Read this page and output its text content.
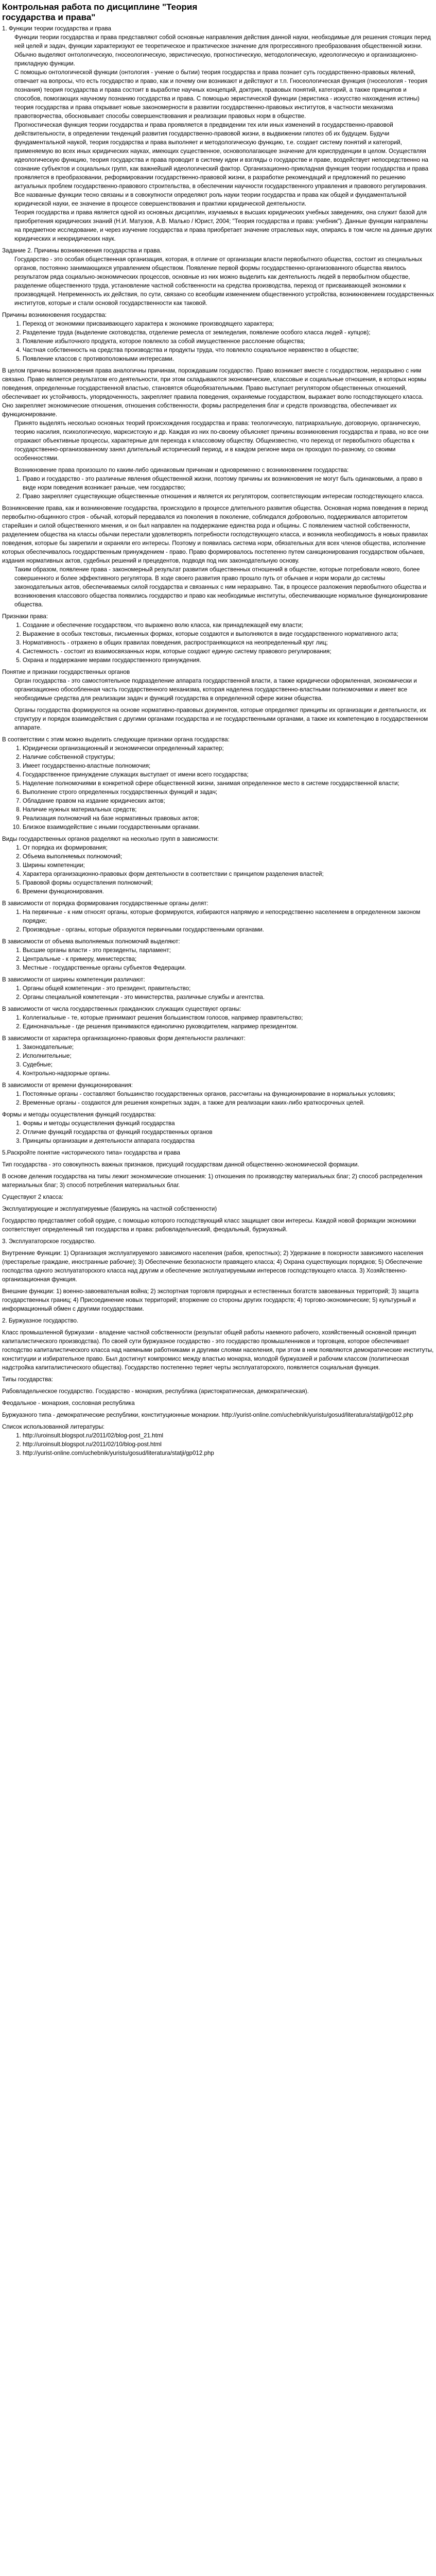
Контрольная работа по дисциплине "Теория государства и права"

1. Функции теории государства и права

Функции теории государства и права представляют собой основные направления действия данной науки, необходимые для решения стоящих перед ней целей и задач, функции характеризуют ее теоретическое и практическое значение для прогрессивного преобразования общественной жизни. Обычно выделяют онтологическую, гносеологическую, эвристическую, прогностическую, методологическую, идеологическую и организационно-прикладную функции.

С помощью онтологической функции (онтология - учение о бытии) теория государства и права познает суть государственно-правовых явлений, отвечает на вопросы, что есть государство и право, как и почему они возникают и действуют и т.п. Гносеологическая функция (гносеология - теория познания) теория государства и права состоит в выработке научных концепций, доктрин, правовых понятий, категорий, а также принципов и способов, помогающих научному познанию государства и права. С помощью эвристической функции (эвристика - искусство нахождения истины) теория государства и права открывает новые закономерности в развитии государственно-правовых институтов, в частности механизма правотворчества, обосновывает способы совершенствования и реализации правовых норм в обществе.

Прогностическая функция теории государства и права проявляется в предвидении тех или иных изменений в государственно-правовой действительности, в определении тенденций развития государственно-правовой жизни, в выдвижении гипотез об их будущем. Будучи фундаментальной наукой, теория государства и права выполняет и методологическую функцию, т.е. создает систему понятий и категорий, применяемую во всех иных юридических науках, имеющих существенное, основополагающее значение для юриспруденции в целом. Осуществляя идеологическую функцию, теория государства и права проводит в систему идеи и взгляды о государстве и праве, воздействует непосредственно на сознание субъектов и социальных групп, как важнейший идеологический фактор. Организационно-прикладная функция теории государства и права проявляется в преобразовании, реформировании государственно-правовой жизни, в разработке рекомендаций и предложений по решению актуальных проблем государственно-правового строительства, в обеспечении научности государственного управления и правового регулирования. Все названные функции тесно связаны и в совокупности определяют роль науки теории государства и права как общей и фундаментальной юридической науки, ее значение в процессе совершенствования и практики юридической деятельности.

Теория государства и права является одной из основных дисциплин, изучаемых в высших юридических учебных заведениях, она служит базой для приобретения юридических знаний (Н.И. Матузов, А.В. Малько / Юрист, 2004; "Теория государства и права: учебник"). Данные функции направлены на предметное исследование, и через изучение государства и права приобретает значение отраслевых наук, опираясь в том числе на данные других юридических и неюридических наук.

Задание 2. Причины возникновения государства и права.

Государство - это особая общественная организация, которая, в отличие от организации власти первобытного общества, состоит из специальных органов, постоянно занимающихся управлением обществом. Появление первой формы государственно-организованного общества явилось результатом ряда социально-экономических процессов, основные из них можно выделить как деятельность людей в первобытном обществе, разделение общественного труда, установление частной собственности на средства производства, переход от присваивающей экономики к производящей. Непременность их действия, по сути, связано со всеобщим изменением общественного устройства, возникновением государственных институтов, которые и стали основой государственности как таковой.

Причины возникновения государства:

1. Переход от экономики присваивающего характера к экономике производящего характера;
2. Разделение труда (выделение скотоводства, отделение ремесла от земледелия, появление особого класса людей - купцов);
3. Появление избыточного продукта, которое повлекло за собой имущественное расслоение общества;
4. Частная собственность на средства производства и продукты труда, что повлекло социальное неравенство в обществе;
5. Появление классов с противоположными интересами.

В целом причины возникновения права аналогичны причинам, порождавшим государство. Право возникает вместе с государством, неразрывно с ним связано. Право является результатом его деятельности, при этом складываются экономические, классовые и социальные отношения, в которых нормы поведения, определенные государственной властью, становятся общеобязательными. Право выступает регулятором общественных отношений, обеспечивает их устойчивость, упорядоченность, закрепляет правила поведения, охраняемые государством, выражает волю господствующего класса. Оно закрепляет экономические отношения, отношения собственности, формы распределения благ и средств производства, обеспечивает их функционирование.

Принято выделять несколько основных теорий происхождения государства и права: теологическую, патриархальную, договорную, органическую, теорию насилия, психологическую, марксистскую и др. Каждая из них по-своему объясняет причины возникновения государства и права, но все они отражают объективные процессы, характерные для перехода к классовому обществу. Общеизвестно, что переход от первобытного общества к государственно-организованному занял длительный исторический период, и в каждом регионе мира он проходил по-разному, со своими особенностями.

Возникновение права произошло по каким-либо одинаковым причинам и одновременно с возникновением государства:

1. Право и государство - это различные явления общественной жизни, поэтому причины их возникновения не могут быть одинаковыми, а право в виде норм поведения возникает раньше, чем государство;
2. Право закрепляет существующие общественные отношения и является их регулятором, соответствующим интересам господствующего класса.

Возникновение права, как и возникновение государства, происходило в процессе длительного развития общества. Основная норма поведения в период первобытно-общинного строя - обычай, который передавался из поколения в поколение, соблюдался добровольно, поддерживался авторитетом старейшин и силой общественного мнения, и он был направлен на поддержание единства рода и общины. С появлением частной собственности, разделением общества на классы обычаи перестали удовлетворять потребности господствующего класса, и возникла необходимость в новых правилах поведения, которые бы закрепили и охраняли его интересы. Поэтому и появилась система норм, обязательных для всех членов общества, исполнение которых обеспечивалось государственным принуждением - право. Право формировалось постепенно путем санкционирования государством обычаев, издания нормативных актов, судебных решений и прецедентов, подводя под них законодательную основу.

Таким образом, появление права - закономерный результат развития общественных отношений в обществе, которые потребовали нового, более совершенного и более эффективного регулятора. В ходе своего развития право прошло путь от обычаев и норм морали до системы законодательных актов, обеспечиваемых силой государства и связанных с ним неразрывно. Так, в процессе разложения первобытного общества и возникновения классового общества появились государство и право как необходимые институты, обеспечивающие нормальное функционирование общества.

Признаки права:

1. Создание и обеспечение государством, что выражено волю класса, как принадлежащей ему власти;
2. Выражение в особых текстовых, письменных формах, которые создаются и выполняются в виде государственного нормативного акта;
3. Нормативность - отражено в общих правилах поведения, распространяющихся на неопределенный круг лиц;
4. Системность - состоит из взаимосвязанных норм, которые создают единую систему правового регулирования;
5. Охрана и поддержание мерами государственного принуждения.

Понятие и признаки государственных органов

Орган государства - это самостоятельное подразделение аппарата государственной власти, а также юридически оформленная, экономически и организационно обособленная часть государственного механизма, которая наделена государственно-властными полномочиями и имеет все необходимые средства для реализации задач и функций государства в определенной сфере жизни общества.

Органы государства формируются на основе нормативно-правовых документов, которые определяют принципы их организации и деятельности, их структуру и порядок взаимодействия с другими органами государства и не государственными органами, а также их компетенцию в государственном аппарате.

В соответствии с этим можно выделить следующие признаки органа государства:

1. Юридически организационный и экономически определенный характер;
2. Наличие собственной структуры;
3. Имеет государственно-властные полномочия;
4. Государственное принуждение служащих выступает от имени всего государства;
5. Наделение полномочиями в конкретной сфере общественной жизни, занимая определенное место в системе государственной власти;
6. Выполнение строго определенных государственных функций и задач;
7. Обладание правом на издание юридических актов;
8. Наличие нужных материальных средств;
9. Реализация полномочий на базе нормативных правовых актов;
10. Близкое взаимодействие с иными государственными органами.

Виды государственных органов разделяют на несколько групп в зависимости:

1. От порядка их формирования;
2. Объема выполняемых полномочий;
3. Ширины компетенции;
4. Характера организационно-правовых форм деятельности в соответствии с принципом разделения властей;
5. Правовой формы осуществления полномочий;
6. Времени функционирования.

В зависимости от порядка формирования государственные органы делят:

1. На первичные - к ним относят органы, которые формируются, избираются напрямую и непосредственно населением в определенном законом порядке;
2. Производные - органы, которые образуются первичными государственными органами.

В зависимости от объема выполняемых полномочий выделяют:

1. Высшие органы власти - это президенты, парламент;
2. Центральные - к примеру, министерства;
3. Местные - государственные органы субъектов Федерации.

В зависимости от ширины компетенции различают:

1. Органы общей компетенции - это президент, правительство;
2. Органы специальной компетенции - это министерства, различные службы и агентства.

В зависимости от числа государственных гражданских служащих существуют органы:

1. Коллегиальные - те, которые принимают решения большинством голосов, например правительство;
2. Единоначальные - где решения принимаются единолично руководителем, например президентом.

В зависимости от характера организационно-правовых форм деятельности различают:

1. Законодательные;
2. Исполнительные;
3. Судебные;
4. Контрольно-надзорные органы.

В зависимости от времени функционирования:

1. Постоянные органы - составляют большинство государственных органов, рассчитаны на функционирование в нормальных условиях;
2. Временные органы - создаются для решения конкретных задач, а также для реализации каких-либо краткосрочных целей.

Формы и методы осуществления функций государства:

1. Формы и методы осуществления функций государства
2. Отличие функций государства от функций государственных органов
3. Принципы организации и деятельности аппарата государства

5.Раскройте понятие «исторического типа» государства и права

Тип государства - это совокупность важных признаков, присущий государствам данной общественно-экономической формации.

В основе деления государства на типы лежит экономические отношения: 1) отношения по производству материальных благ; 2) способ распределения материальных благ; 3) способ потребления материальных благ.

Существуют 2 класса:

Эксплуатирующие и эксплуатируемые (базируясь на частной собственности)

Государство представляет собой орудие, с помощью которого господствующий класс защищает свои интересы. Каждой новой формации экономики соответствует определенный тип государства и права: рабовладельческий, феодальный, буржуазный.

3. Эксплуататорское государство.

Внутренние Функции: 1) Организация эксплуатируемого зависимого населения (рабов, крепостных); 2) Удержание в покорности зависимого населения (престарелые граждане, иностранные рабочие); 3) Обеспечение безопасности правящего класса; 4) Охрана существующих порядков; 5) Обеспечение господства одного эксплуататорского класса над другим и обеспечение эксплуатируемыми интересов господствующего класса. 3) Хозяйственно-организационная функция.

Внешние функции: 1) военно-завоевательная война; 2) экспортная торговля природных и естественных богатств завоеванных территорий; 3) защита государственных границ; 4) Присоединение новых территорий; вторжение со стороны других государств; 4) торгово-экономические; 5) культурный и информационный обмен с другими государствами.

2. Буржуазное государство.

Класс промышленной буржуазии - владение частной собственности (результат общей работы наемного рабочего, хозяйственный основной принцип капиталистического производства). По своей сути буржуазное государство - это государство промышленников и торговцев, которое обеспечивает господство капиталистического класса над наемными работниками и другими слоями населения, при этом в нем появляются демократические институты, конституции и избирательное право. Был достигнут компромисс между властью монарха, молодой буржуазией и рабочим классом (политическая надстройка капиталистического общества). Государство постепенно теряет черты эксплуататорского, появляется социальная функция.

Типы государства:

Рабовладельческое государство. Государство - монархия, республика (аристократическая, демократическая).

Феодальное - монархия, сословная республика

Буржуазного типа - демократические республики, конституционные монархии. http://yurist-online.com/uchebnik/yuristu/gosud/literatura/statji/gp012.php

Список использованной литературы:

1. http://uroinsult.blogspot.ru/2011/02/blog-post_21.html
2. http://uroinsult.blogspot.ru/2011/02/10/blog-post.html
3. http://yurist-online.com/uchebnik/yuristu/gosud/literatura/statji/gp012.php
